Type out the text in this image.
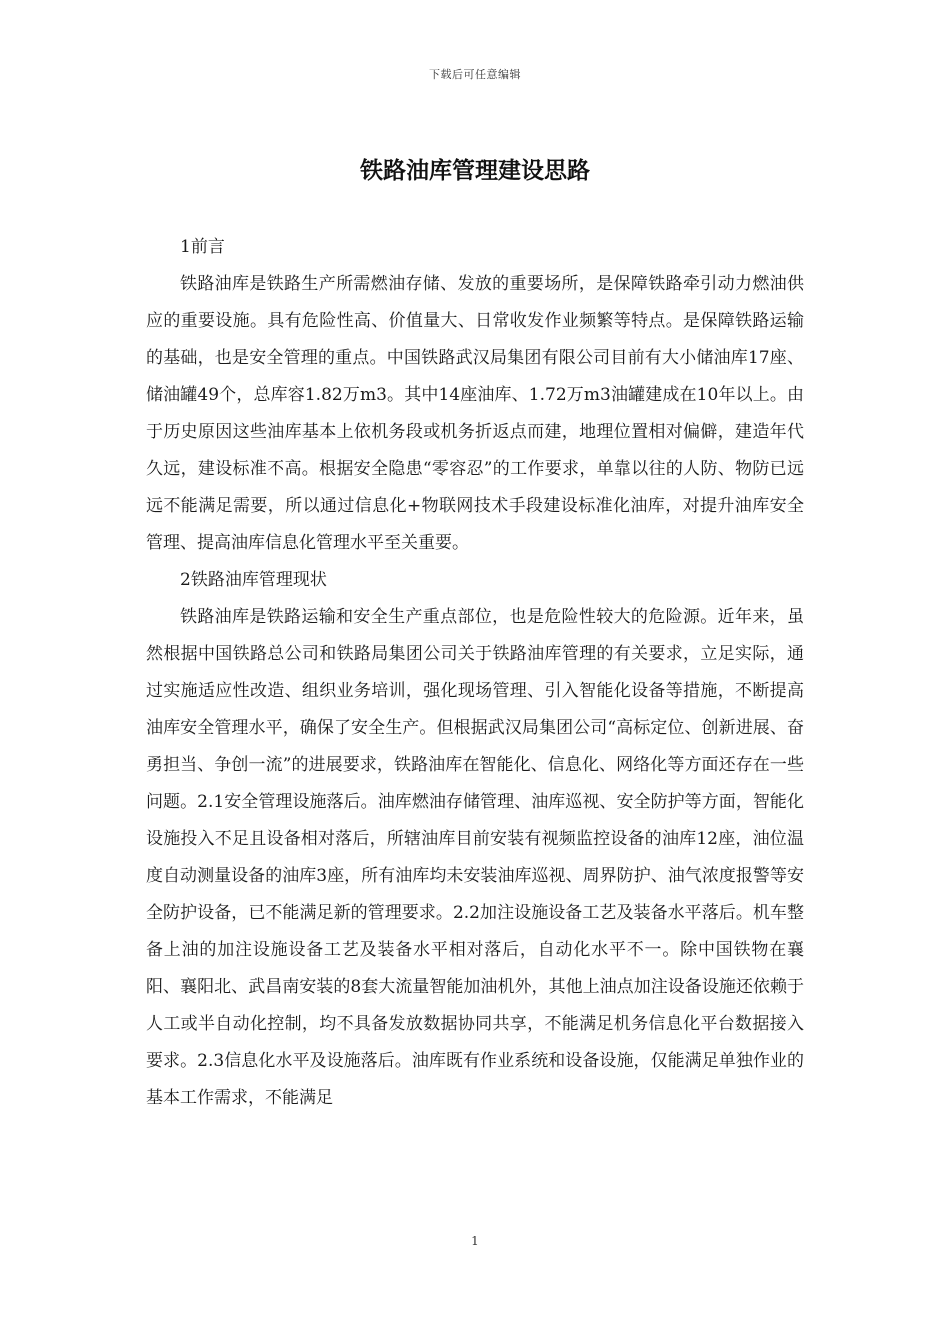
下载后可任意编辑
铁路油库管理建设思路

1前言

铁路油库是铁路生产所需燃油存储、发放的重要场所，是保障铁路牵引动力燃油供应的重要设施。具有危险性高、价值量大、日常收发作业频繁等特点。是保障铁路运输的基础，也是安全管理的重点。中国铁路武汉局集团有限公司目前有大小储油库17座、储油罐49个，总库容1.82万m3。其中14座油库、1.72万m3油罐建成在10年以上。由于历史原因这些油库基本上依机务段或机务折返点而建，地理位置相对偏僻，建造年代久远，建设标准不高。根据安全隐患“零容忍”的工作要求，单靠以往的人防、物防已远远不能满足需要，所以通过信息化+物联网技术手段建设标准化油库，对提升油库安全管理、提高油库信息化管理水平至关重要。

2铁路油库管理现状

铁路油库是铁路运输和安全生产重点部位，也是危险性较大的危险源。近年来，虽然根据中国铁路总公司和铁路局集团公司关于铁路油库管理的有关要求，立足实际，通过实施适应性改造、组织业务培训，强化现场管理、引入智能化设备等措施，不断提高油库安全管理水平，确保了安全生产。但根据武汉局集团公司“高标定位、创新进展、奋勇担当、争创一流”的进展要求，铁路油库在智能化、信息化、网络化等方面还存在一些问题。2.1安全管理设施落后。油库燃油存储管理、油库巡视、安全防护等方面，智能化设施投入不足且设备相对落后，所辖油库目前安装有视频监控设备的油库12座，油位温度自动测量设备的油库3座，所有油库均未安装油库巡视、周界防护、油气浓度报警等安全防护设备，已不能满足新的管理要求。2.2加注设施设备工艺及装备水平落后。机车整备上油的加注设施设备工艺及装备水平相对落后，自动化水平不一。除中国铁物在襄阳、襄阳北、武昌南安装的8套大流量智能加油机外，其他上油点加注设备设施还依赖于人工或半自动化控制，均不具备发放数据协同共享，不能满足机务信息化平台数据接入要求。2.3信息化水平及设施落后。油库既有作业系统和设备设施，仅能满足单独作业的基本工作需求，不能满足

1
